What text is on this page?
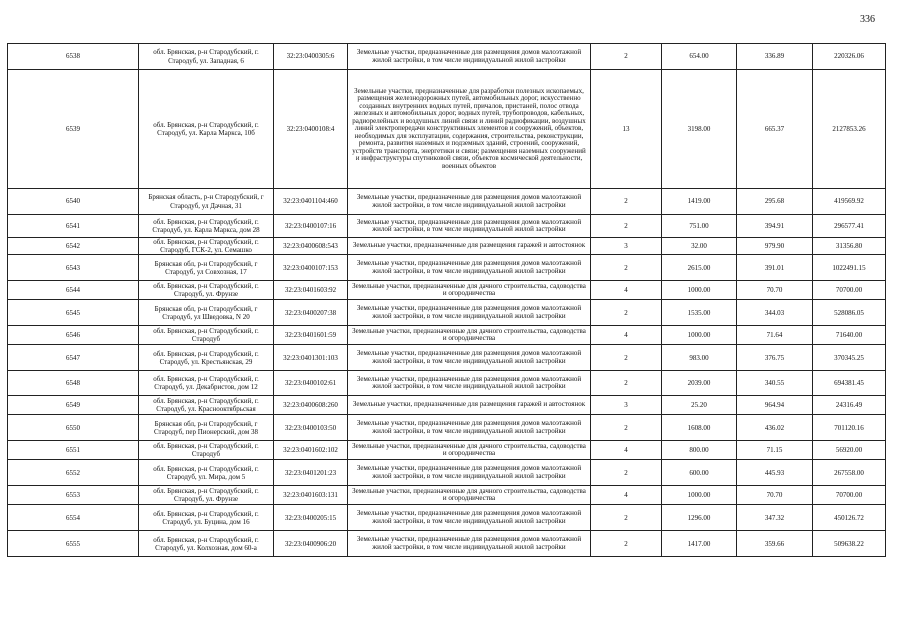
336
6538	обл. Брянская, р-н Стародубский, г. Стародуб, ул. Западная, 6	32:23:0400305:6	Земельные участки, предназначенные для размещения домов малоэтажной жилой застройки, в том числе индивидуальной жилой застройки	2	654.00	336.89	220326.06
6539	обл. Брянская, р-н Стародубский, г. Стародуб, ул. Карла Маркса, 10б	32:23:0400108:4	Земельные участки, предназначенные для разработки полезных ископаемых, размещения железнодорожных путей, автомобильных дорог, искусственно созданных внутренних водных путей, причалов, пристаней, полос отвода железных и автомобильных дорог, водных путей, трубопроводов, кабельных, радиорелейных и воздушных линий связи и линий радиофикации, воздушных линий электропередачи конструктивных элементов и сооружений, объектов, необходимых для эксплуатации, содержания, строительства, реконструкции, ремонта, развития наземных и подземных зданий, строений, сооружений, устройств транспорта, энергетики и связи; размещения наземных сооружений и инфраструктуры спутниковой связи, объектов космической деятельности, военных объектов	13	3198.00	665.37	2127853.26
6540	Брянская область, р-н Стародубский, г Стародуб, ул Дачная, 31	32:23:0401104:460	Земельные участки, предназначенные для размещения домов малоэтажной жилой застройки, в том числе индивидуальной жилой застройки	2	1419.00	295.68	419569.92
6541	обл. Брянская, р-н Стародубский, г. Стародуб, ул. Карла Маркса, дом 28	32:23:0400107:16	Земельные участки, предназначенные для размещения домов малоэтажной жилой застройки, в том числе индивидуальной жилой застройки	2	751.00	394.91	296577.41
6542	обл. Брянская, р-н Стародубский, г. Стародуб, ГСК-2, ул. Семашко	32:23:0400608:543	Земельные участки, предназначенные для размещения гаражей и автостоянок	3	32.00	979.90	31356.80
6543	Брянская обл, р-н Стародубский, г Стародуб, ул Совхозная, 17	32:23:0400107:153	Земельные участки, предназначенные для размещения домов малоэтажной жилой застройки, в том числе индивидуальной жилой застройки	2	2615.00	391.01	1022491.15
6544	обл. Брянская, р-н Стародубский, г. Стародуб, ул. Фрунзе	32:23:0401603:92	Земельные участки, предназначенные для дачного строительства, садоводства и огородничества	4	1000.00	70.70	70700.00
6545	Брянская обл, р-н Стародубский, г Стародуб, ул Шведовка, N 20	32:23:0400207:38	Земельные участки, предназначенные для размещения домов малоэтажной жилой застройки, в том числе индивидуальной жилой застройки	2	1535.00	344.03	528086.05
6546	обл. Брянская, р-н Стародубский, г. Стародуб	32:23:0401601:59	Земельные участки, предназначенные для дачного строительства, садоводства и огородничества	4	1000.00	71.64	71640.00
6547	обл. Брянская, р-н Стародубский, г. Стародуб, ул. Крестьянская, 29	32:23:0401301:103	Земельные участки, предназначенные для размещения домов малоэтажной жилой застройки, в том числе индивидуальной жилой застройки	2	983.00	376.75	370345.25
6548	обл. Брянская, р-н Стародубский, г. Стародуб, ул. Декабристов, дом 12	32:23:0400102:61	Земельные участки, предназначенные для размещения домов малоэтажной жилой застройки, в том числе индивидуальной жилой застройки	2	2039.00	340.55	694381.45
6549	обл. Брянская, р-н Стародубский, г. Стародуб, ул. Краснооктябрьская	32:23:0400608:260	Земельные участки, предназначенные для размещения гаражей и автостоянок	3	25.20	964.94	24316.49
6550	Брянская обл, р-н Стародубский, г Стародуб, пер Пионерский, дом 38	32:23:0400103:50	Земельные участки, предназначенные для размещения домов малоэтажной жилой застройки, в том числе индивидуальной жилой застройки	2	1608.00	436.02	701120.16
6551	обл. Брянская, р-н Стародубский, г. Стародуб	32:23:0401602:102	Земельные участки, предназначенные для дачного строительства, садоводства и огородничества	4	800.00	71.15	56920.00
6552	обл. Брянская, р-н Стародубский, г. Стародуб, ул. Мира, дом 5	32:23:0401201:23	Земельные участки, предназначенные для размещения домов малоэтажной жилой застройки, в том числе индивидуальной жилой застройки	2	600.00	445.93	267558.00
6553	обл. Брянская, р-н Стародубский, г. Стародуб, ул. Фрунзе	32:23:0401603:131	Земельные участки, предназначенные для дачного строительства, садоводства и огородничества	4	1000.00	70.70	70700.00
6554	обл. Брянская, р-н Стародубский, г. Стародуб, ул. Буцина, дом 16	32:23:0400205:15	Земельные участки, предназначенные для размещения домов малоэтажной жилой застройки, в том числе индивидуальной жилой застройки	2	1296.00	347.32	450126.72
6555	обл. Брянская, р-н Стародубский, г. Стародуб, ул. Колхозная, дом 60-а	32:23:0400906:20	Земельные участки, предназначенные для размещения домов малоэтажной жилой застройки, в том числе индивидуальной жилой застройки	2	1417.00	359.66	509638.22
